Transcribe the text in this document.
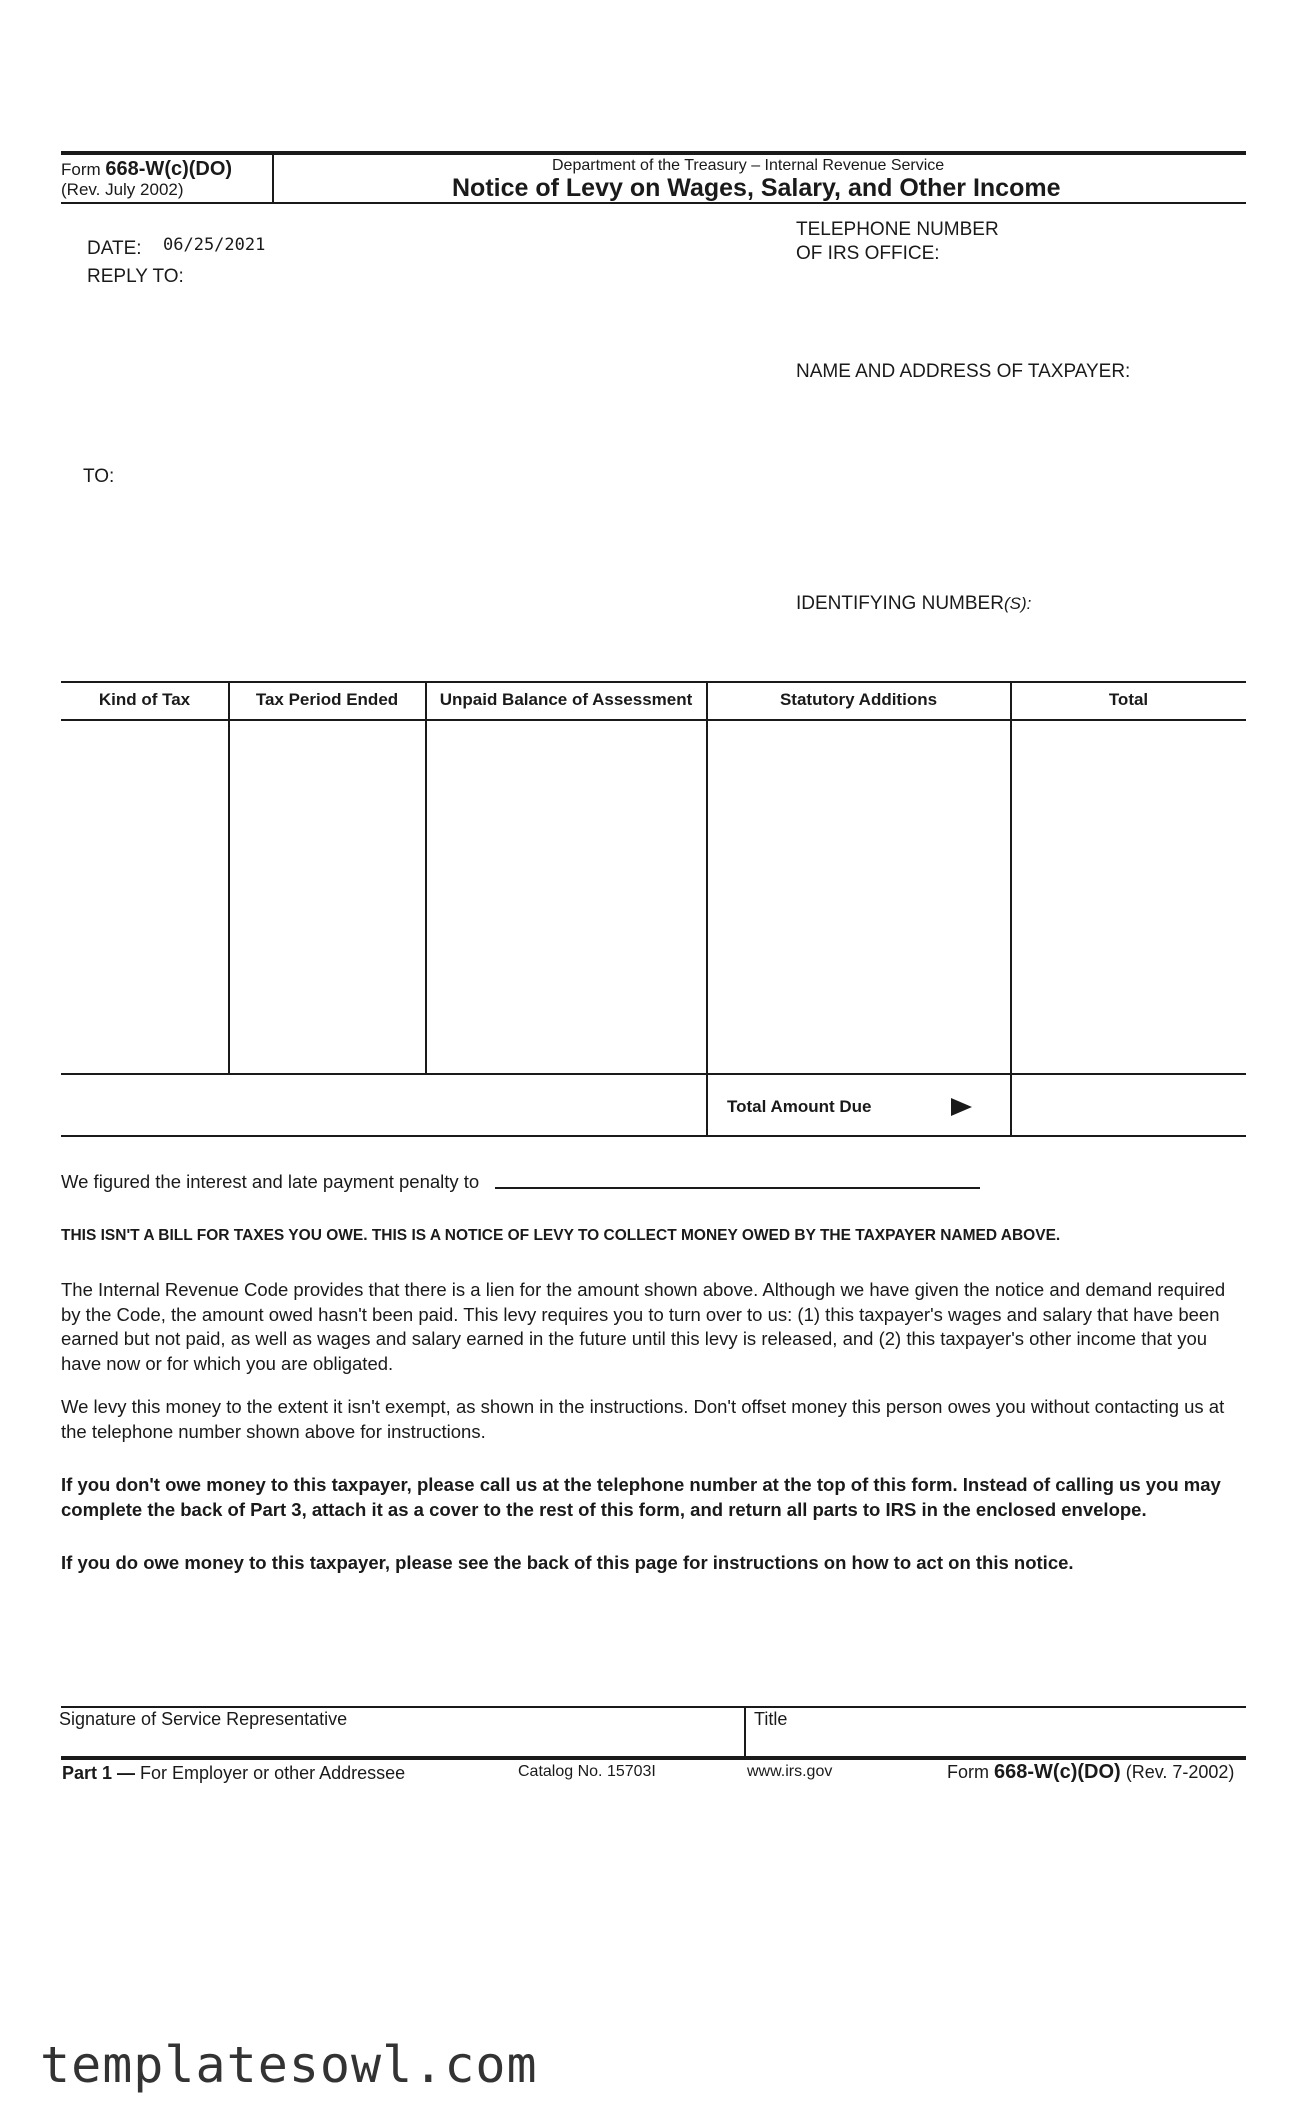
Form 668-W(c)(DO)
(Rev. July 2002)
Department of the Treasury – Internal Revenue Service
Notice of Levy on Wages, Salary, and Other Income
DATE: 06/25/2021
REPLY TO:
TELEPHONE NUMBER
OF IRS OFFICE:
NAME AND ADDRESS OF TAXPAYER:
TO:
IDENTIFYING NUMBER(S):
Kind of Tax	Tax Period Ended	Unpaid Balance of Assessment	Statutory Additions	Total
Total Amount Due
We figured the interest and late payment penalty to
THIS ISN'T A BILL FOR TAXES YOU OWE. THIS IS A NOTICE OF LEVY TO COLLECT MONEY OWED BY THE TAXPAYER NAMED ABOVE.
The Internal Revenue Code provides that there is a lien for the amount shown above. Although we have given the notice and demand required by the Code, the amount owed hasn't been paid. This levy requires you to turn over to us: (1) this taxpayer's wages and salary that have been earned but not paid, as well as wages and salary earned in the future until this levy is released, and (2) this taxpayer's other income that you have now or for which you are obligated.
We levy this money to the extent it isn't exempt, as shown in the instructions. Don't offset money this person owes you without contacting us at the telephone number shown above for instructions.
If you don't owe money to this taxpayer, please call us at the telephone number at the top of this form. Instead of calling us you may complete the back of Part 3, attach it as a cover to the rest of this form, and return all parts to IRS in the enclosed envelope.
If you do owe money to this taxpayer, please see the back of this page for instructions on how to act on this notice.
Signature of Service Representative	Title
Part 1 — For Employer or other Addressee	Catalog No. 15703I	www.irs.gov	Form 668-W(c)(DO) (Rev. 7-2002)
templatesowl.com
